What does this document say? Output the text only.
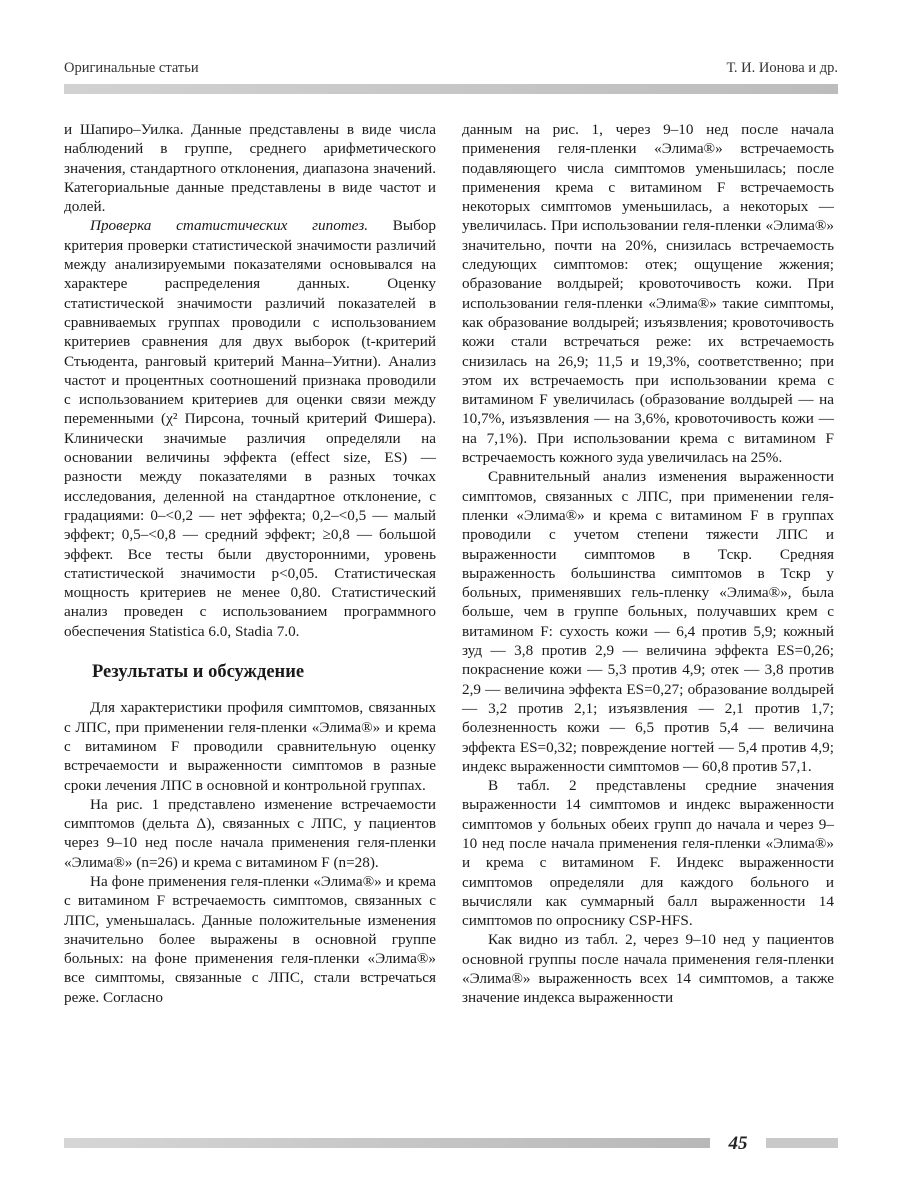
Оригинальные статьи	Т. И. Ионова и др.

и Шапиро–Уилка. Данные представлены в виде числа наблюдений в группе, среднего арифметического значения, стандартного отклонения, диапазона значений. Категориальные данные представлены в виде частот и долей.

Проверка статистических гипотез. Выбор критерия проверки статистической значимости различий между анализируемыми показателями основывался на характере распределения данных. Оценку статистической значимости различий показателей в сравниваемых группах проводили с использованием критериев сравнения для двух выборок (t-критерий Стьюдента, ранговый критерий Манна–Уитни). Анализ частот и процентных соотношений признака проводили с использованием критериев для оценки связи между переменными (χ² Пирсона, точный критерий Фишера). Клинически значимые различия определяли на основании величины эффекта (effect size, ES) — разности между показателями в разных точках исследования, деленной на стандартное отклонение, с градациями: 0–<0,2 — нет эффекта; 0,2–<0,5 — малый эффект; 0,5–<0,8 — средний эффект; ≥0,8 — большой эффект. Все тесты были двусторонними, уровень статистической значимости p<0,05. Статистическая мощность критериев не менее 0,80. Статистический анализ проведен с использованием программного обеспечения Statistica 6.0, Stadia 7.0.

Результаты и обсуждение

Для характеристики профиля симптомов, связанных с ЛПС, при применении геля-пленки «Элима®» и крема с витамином F проводили сравнительную оценку встречаемости и выраженности симптомов в разные сроки лечения ЛПС в основной и контрольной группах.

На рис. 1 представлено изменение встречаемости симптомов (дельта Δ), связанных с ЛПС, у пациентов через 9–10 нед после начала применения геля-пленки «Элима®» (n=26) и крема с витамином F (n=28).

На фоне применения геля-пленки «Элима®» и крема с витамином F встречаемость симптомов, связанных с ЛПС, уменьшалась. Данные положительные изменения значительно более выражены в основной группе больных: на фоне применения геля-пленки «Элима®» все симптомы, связанные с ЛПС, стали встречаться реже. Согласно

данным на рис. 1, через 9–10 нед после начала применения геля-пленки «Элима®» встречаемость подавляющего числа симптомов уменьшилась; после применения крема с витамином F встречаемость некоторых симптомов уменьшилась, а некоторых — увеличилась. При использовании геля-пленки «Элима®» значительно, почти на 20%, снизилась встречаемость следующих симптомов: отек; ощущение жжения; образование волдырей; кровоточивость кожи. При использовании геля-пленки «Элима®» такие симптомы, как образование волдырей; изъязвления; кровоточивость кожи стали встречаться реже: их встречаемость снизилась на 26,9; 11,5 и 19,3%, соответственно; при этом их встречаемость при использовании крема с витамином F увеличилась (образование волдырей — на 10,7%, изъязвления — на 3,6%, кровоточивость кожи — на 7,1%). При использовании крема с витамином F встречаемость кожного зуда увеличилась на 25%.

Сравнительный анализ изменения выраженности симптомов, связанных с ЛПС, при применении геля-пленки «Элима®» и крема с витамином F в группах проводили с учетом степени тяжести ЛПС и выраженности симптомов в Тскр. Средняя выраженность большинства симптомов в Тскр у больных, применявших гель-пленку «Элима®», была больше, чем в группе больных, получавших крем с витамином F: сухость кожи — 6,4 против 5,9; кожный зуд — 3,8 против 2,9 — величина эффекта ES=0,26; покраснение кожи — 5,3 против 4,9; отек — 3,8 против 2,9 — величина эффекта ES=0,27; образование волдырей — 3,2 против 2,1; изъязвления — 2,1 против 1,7; болезненность кожи — 6,5 против 5,4 — величина эффекта ES=0,32; повреждение ногтей — 5,4 против 4,9; индекс выраженности симптомов — 60,8 против 57,1.

В табл. 2 представлены средние значения выраженности 14 симптомов и индекс выраженности симптомов у больных обеих групп до начала и через 9–10 нед после начала применения геля-пленки «Элима®» и крема с витамином F. Индекс выраженности симптомов определяли для каждого больного и вычисляли как суммарный балл выраженности 14 симптомов по опроснику CSP-HFS.

Как видно из табл. 2, через 9–10 нед у пациентов основной группы после начала применения геля-пленки «Элима®» выраженность всех 14 симптомов, а также значение индекса выраженности

45
